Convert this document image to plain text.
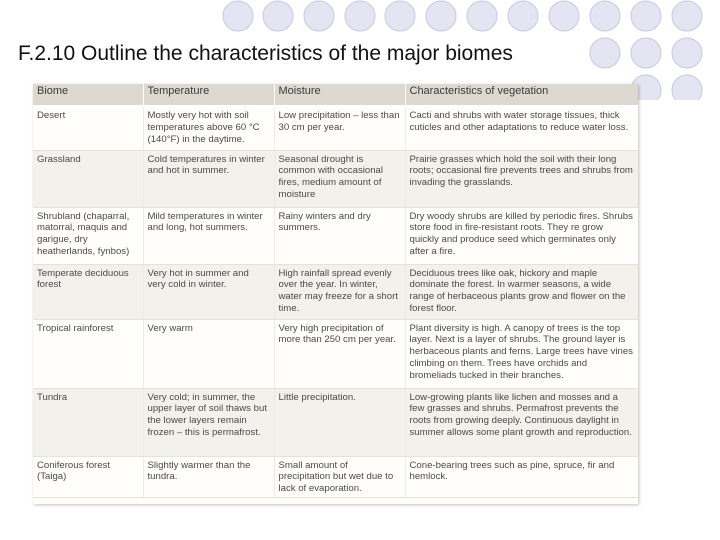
F.2.10 Outline the characteristics of the major biomes
Biome	Temperature	Moisture	Characteristics of vegetation
Desert	Mostly very hot with soil temperatures above 60 °C (140°F) in the daytime.	Low precipitation – less than 30 cm per year.	Cacti and shrubs with water storage tissues, thick cuticles and other adaptations to reduce water loss.
Grassland	Cold temperatures in winter and hot in summer.	Seasonal drought is common with occasional fires, medium amount of moisture	Prairie grasses which hold the soil with their long roots; occasional fire prevents trees and shrubs from invading the grasslands.
Shrubland (chaparral, matorral, maquis and garigue, dry heatherlands, fynbos)	Mild temperatures in winter and long, hot summers.	Rainy winters and dry summers.	Dry woody shrubs are killed by periodic fires. Shrubs store food in fire-resistant roots. They re grow quickly and produce seed which germinates only after a fire.
Temperate deciduous forest	Very hot in summer and very cold in winter.	High rainfall spread evenly over the year. In winter, water may freeze for a short time.	Deciduous trees like oak, hickory and maple dominate the forest. In warmer seasons, a wide range of herbaceous plants grow and flower on the forest floor.
Tropical rainforest	Very warm	Very high precipitation of more than 250 cm per year.	Plant diversity is high. A canopy of trees is the top layer. Next is a layer of shrubs. The ground layer is herbaceous plants and ferns. Large trees have vines climbing on them. Trees have orchids and bromeliads tucked in their branches.
Tundra	Very cold; in summer, the upper layer of soil thaws but the lower layers remain frozen – this is permafrost.	Little precipitation.	Low-growing plants like lichen and mosses and a few grasses and shrubs. Permafrost prevents the roots from growing deeply. Continuous daylight in summer allows some plant growth and reproduction.
Coniferous forest (Taiga)	Slightly warmer than the tundra.	Small amount of precipitation but wet due to lack of evaporation.	Cone-bearing trees such as pine, spruce, fir and hemlock.
